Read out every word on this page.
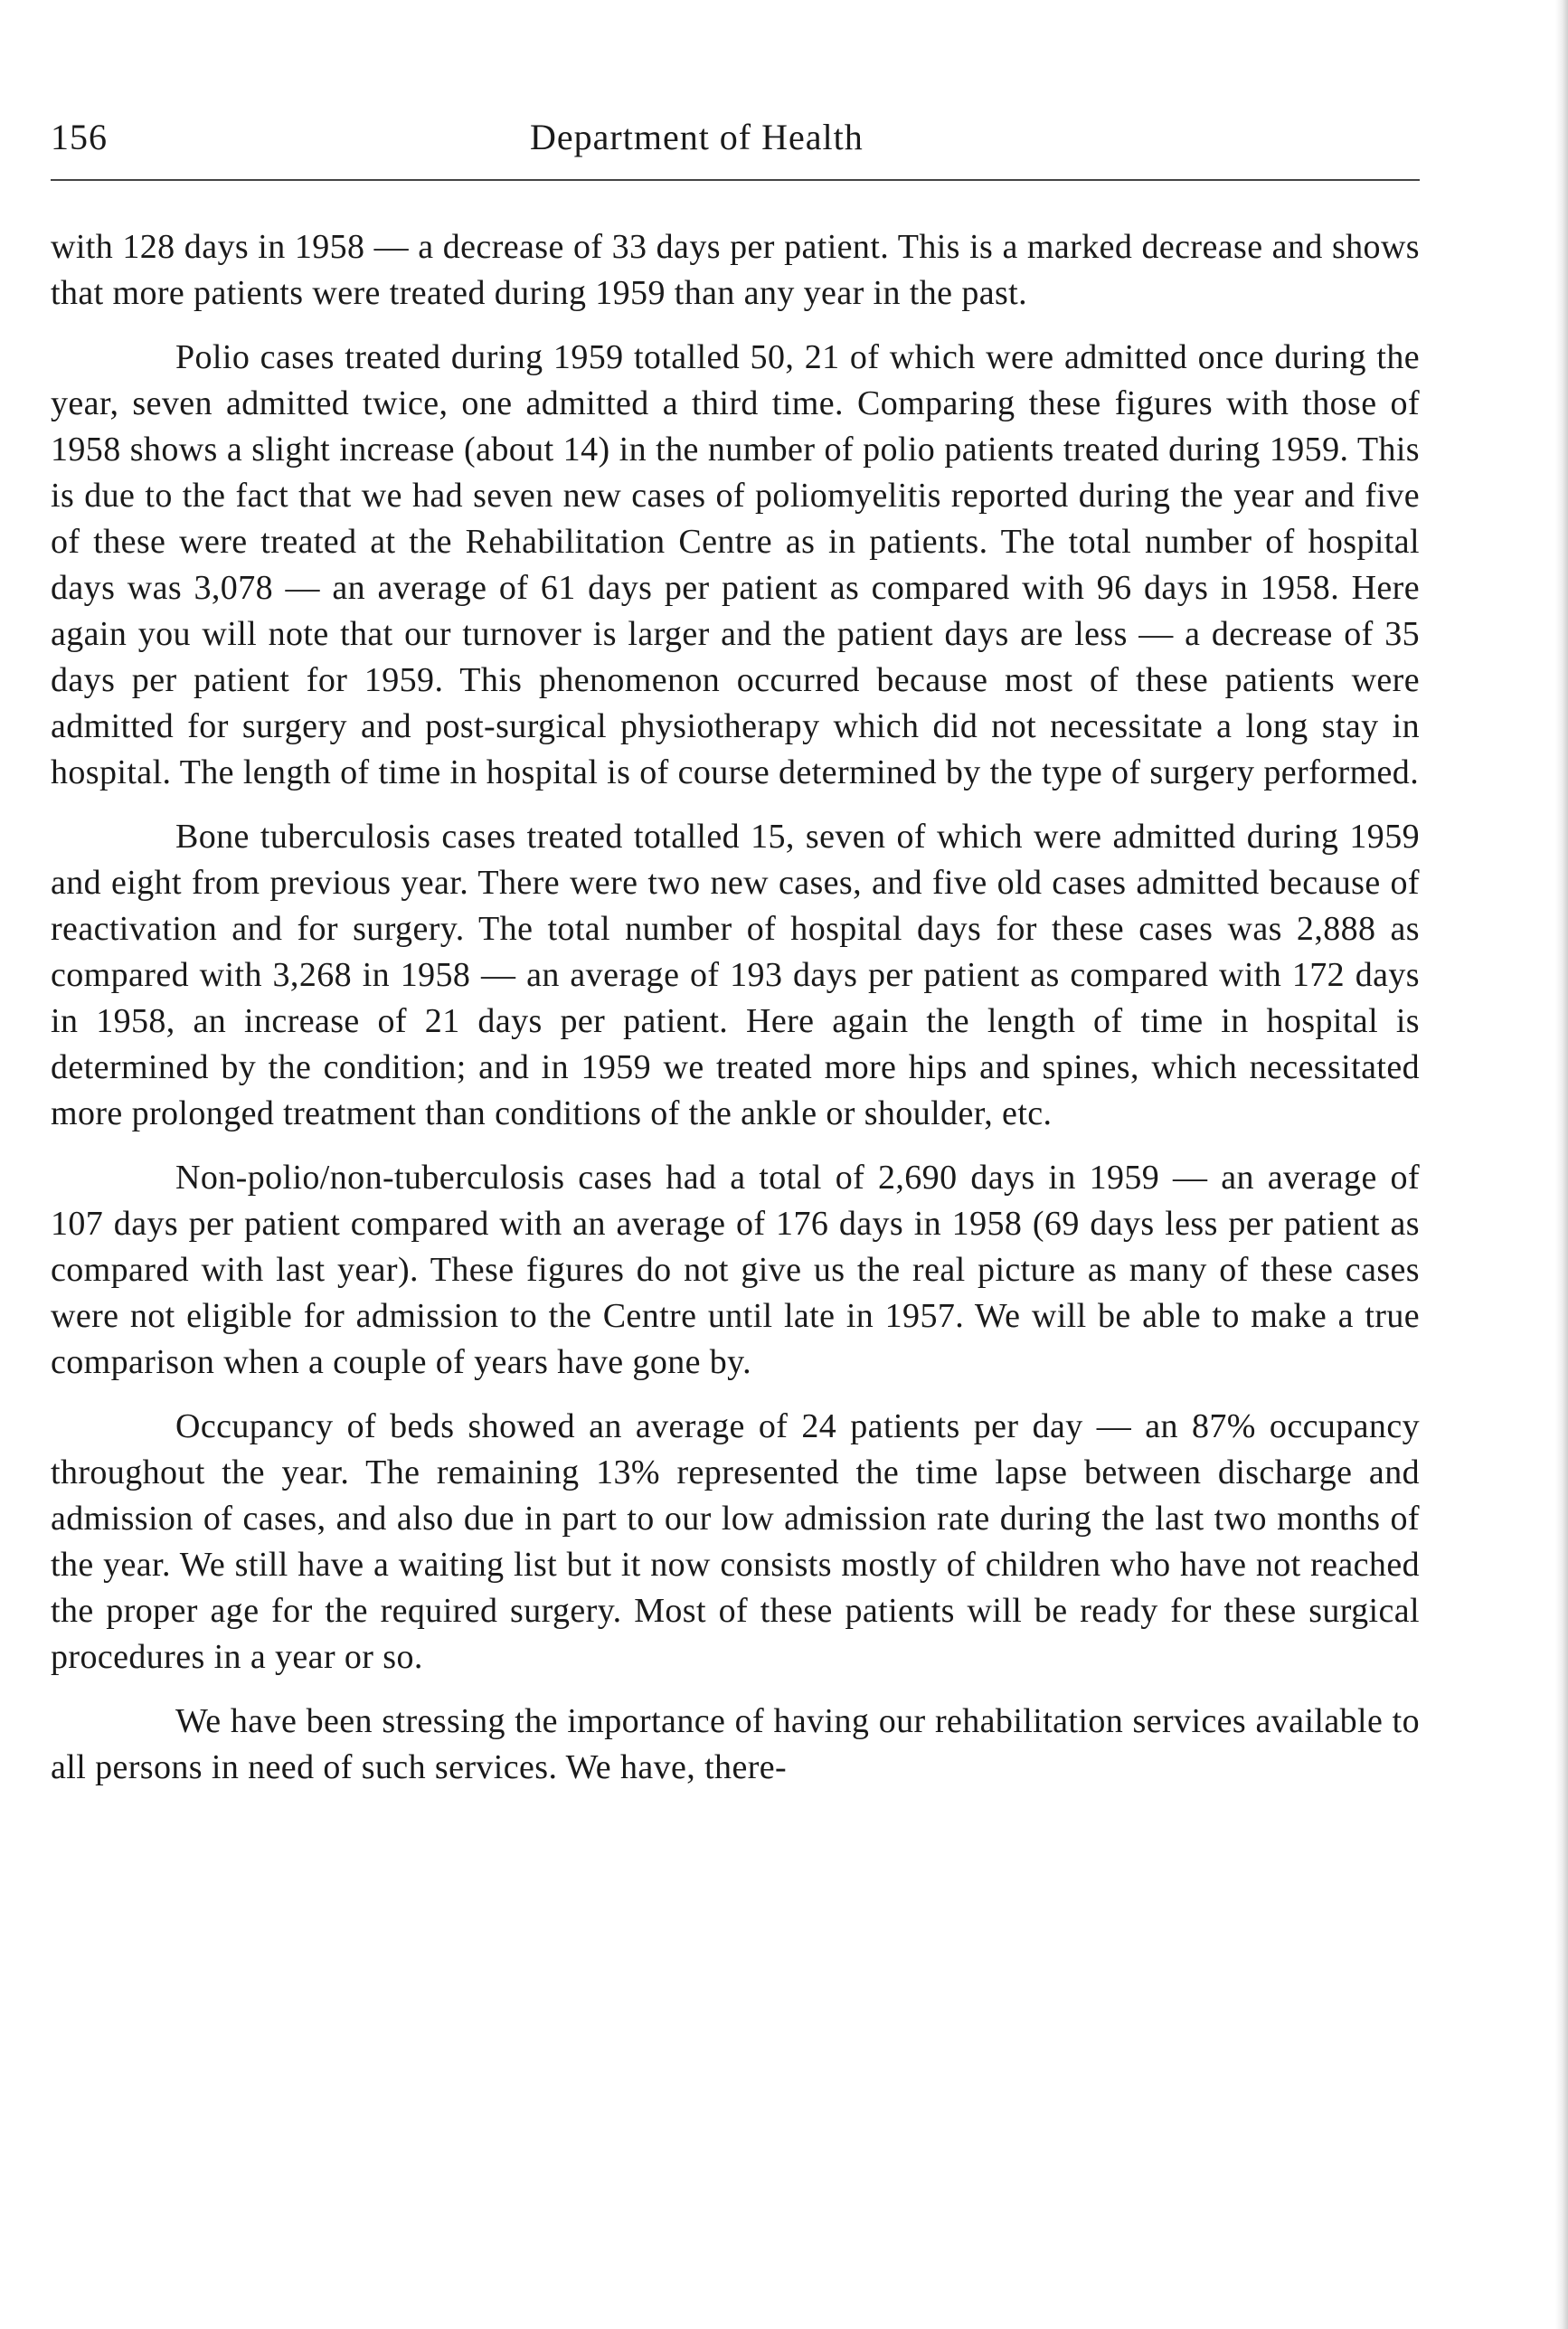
156	Department of Health

with 128 days in 1958 — a decrease of 33 days per patient. This is a marked decrease and shows that more patients were treated during 1959 than any year in the past.

Polio cases treated during 1959 totalled 50, 21 of which were admitted once during the year, seven admitted twice, one admitted a third time. Comparing these figures with those of 1958 shows a slight increase (about 14) in the number of polio patients treated during 1959. This is due to the fact that we had seven new cases of poliomyelitis reported during the year and five of these were treated at the Rehabilitation Centre as in patients. The total number of hospital days was 3,078 — an average of 61 days per patient as compared with 96 days in 1958. Here again you will note that our turnover is larger and the patient days are less — a decrease of 35 days per patient for 1959. This phenomenon occurred because most of these patients were admitted for surgery and post-surgical physiotherapy which did not necessitate a long stay in hospital. The length of time in hospital is of course determined by the type of surgery performed.

Bone tuberculosis cases treated totalled 15, seven of which were admitted during 1959 and eight from previous year. There were two new cases, and five old cases admitted because of reactivation and for surgery. The total number of hospital days for these cases was 2,888 as compared with 3,268 in 1958 — an average of 193 days per patient as compared with 172 days in 1958, an increase of 21 days per patient. Here again the length of time in hospital is determined by the condition; and in 1959 we treated more hips and spines, which necessitated more prolonged treatment than conditions of the ankle or shoulder, etc.

Non-polio/non-tuberculosis cases had a total of 2,690 days in 1959 — an average of 107 days per patient compared with an average of 176 days in 1958 (69 days less per patient as compared with last year). These figures do not give us the real picture as many of these cases were not eligible for admission to the Centre until late in 1957. We will be able to make a true comparison when a couple of years have gone by.

Occupancy of beds showed an average of 24 patients per day — an 87% occupancy throughout the year. The remaining 13% represented the time lapse between discharge and admission of cases, and also due in part to our low admission rate during the last two months of the year. We still have a waiting list but it now consists mostly of children who have not reached the proper age for the required surgery. Most of these patients will be ready for these surgical procedures in a year or so.

We have been stressing the importance of having our rehabilitation services available to all persons in need of such services. We have, there-
